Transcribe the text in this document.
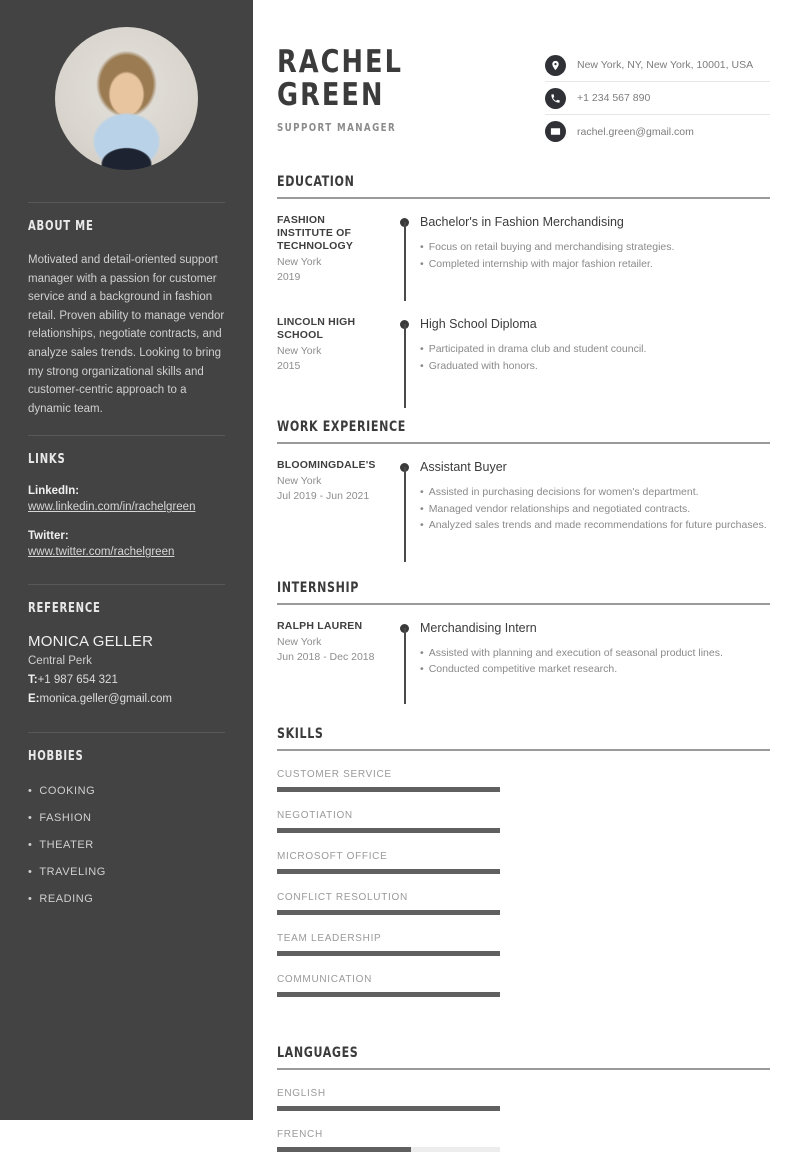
ABOUT ME

Motivated and detail-oriented support manager with a passion for customer service and a background in fashion retail. Proven ability to manage vendor relationships, negotiate contracts, and analyze sales trends. Looking to bring my strong organizational skills and customer-centric approach to a dynamic team.

LINKS
LinkedIn:
www.linkedin.com/in/rachelgreen
Twitter:
www.twitter.com/rachelgreen
REFERENCE
MONICA GELLER
Central Perk
T:+1 987 654 321
E:monica.geller@gmail.com
HOBBIES
• COOKING
• FASHION
• THEATER
• TRAVELING
• READING
RACHEL
GREEN
SUPPORT MANAGER
New York, NY, New York, 10001, USA
+1 234 567 890
rachel.green@gmail.com
EDUCATION
FASHION INSTITUTE OF TECHNOLOGY
New York
2019
Bachelor's in Fashion Merchandising
• Focus on retail buying and merchandising strategies.
• Completed internship with major fashion retailer.
LINCOLN HIGH SCHOOL
New York
2015
High School Diploma
• Participated in drama club and student council.
• Graduated with honors.
WORK EXPERIENCE
BLOOMINGDALE'S
New York
Jul 2019 - Jun 2021
Assistant Buyer
• Assisted in purchasing decisions for women's department.
• Managed vendor relationships and negotiated contracts.
• Analyzed sales trends and made recommendations for future purchases.
INTERNSHIP
RALPH LAUREN
New York
Jun 2018 - Dec 2018
Merchandising Intern
• Assisted with planning and execution of seasonal product lines.
• Conducted competitive market research.
SKILLS
CUSTOMER SERVICE
NEGOTIATION
MICROSOFT OFFICE
CONFLICT RESOLUTION
TEAM LEADERSHIP
COMMUNICATION
LANGUAGES
ENGLISH
FRENCH
